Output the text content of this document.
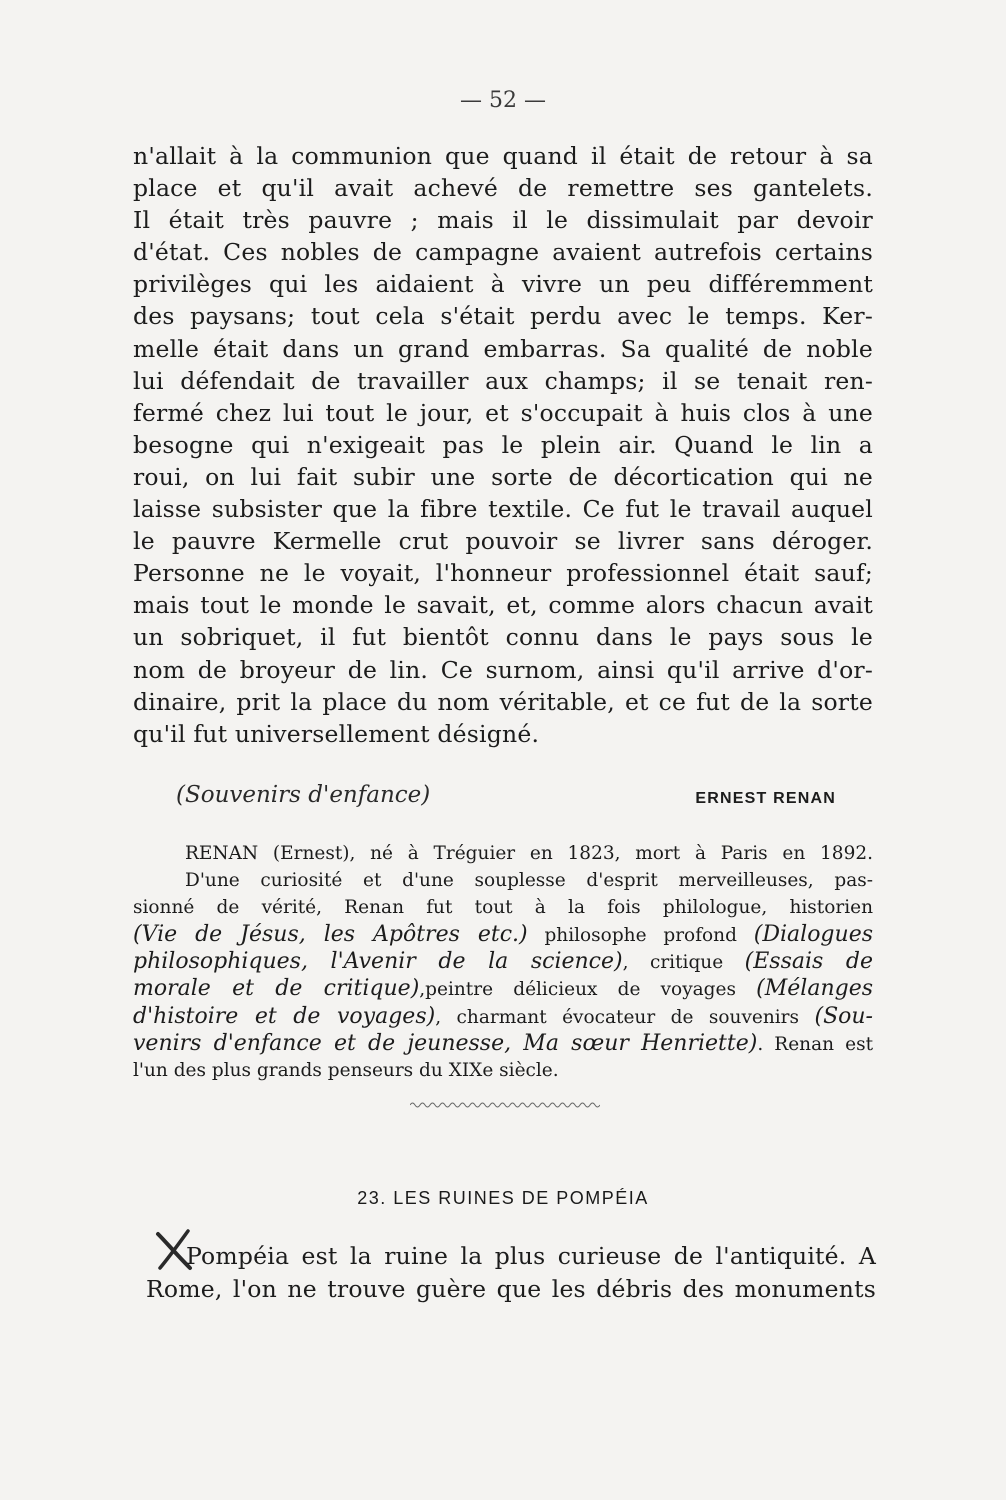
— 52 —
n'allait à la communion que quand il était de retour à sa
place et qu'il avait achevé de remettre ses gantelets.
Il était très pauvre ; mais il le dissimulait par devoir
d'état. Ces nobles de campagne avaient autrefois certains
privilèges qui les aidaient à vivre un peu différemment
des paysans; tout cela s'était perdu avec le temps. Ker-
melle était dans un grand embarras. Sa qualité de noble
lui défendait de travailler aux champs; il se tenait ren-
fermé chez lui tout le jour, et s'occupait à huis clos à une
besogne qui n'exigeait pas le plein air. Quand le lin a
roui, on lui fait subir une sorte de décortication qui ne
laisse subsister que la fibre textile. Ce fut le travail auquel
le pauvre Kermelle crut pouvoir se livrer sans déroger.
Personne ne le voyait, l'honneur professionnel était sauf;
mais tout le monde le savait, et, comme alors chacun avait
un sobriquet, il fut bientôt connu dans le pays sous le
nom de broyeur de lin. Ce surnom, ainsi qu'il arrive d'or-
dinaire, prit la place du nom véritable, et ce fut de la sorte
qu'il fut universellement désigné.
(Souvenirs d'enfance)	ERNEST RENAN
RENAN (Ernest), né à Tréguier en 1823, mort à Paris en 1892.
D'une curiosité et d'une souplesse d'esprit merveilleuses, pas-
sionné de vérité, Renan fut tout à la fois philologue, historien
(Vie de Jésus, les Apôtres etc.) philosophe profond (Dialogues
philosophiques, l'Avenir de la science), critique (Essais de
morale et de critique),peintre délicieux de voyages (Mélanges
d'histoire et de voyages), charmant évocateur de souvenirs (Sou-
venirs d'enfance et de jeunesse, Ma sœur Henriette). Renan est
l'un des plus grands penseurs du XIXe siècle.
23. LES RUINES DE POMPÉIA
Pompéia est la ruine la plus curieuse de l'antiquité. A
Rome, l'on ne trouve guère que les débris des monuments
